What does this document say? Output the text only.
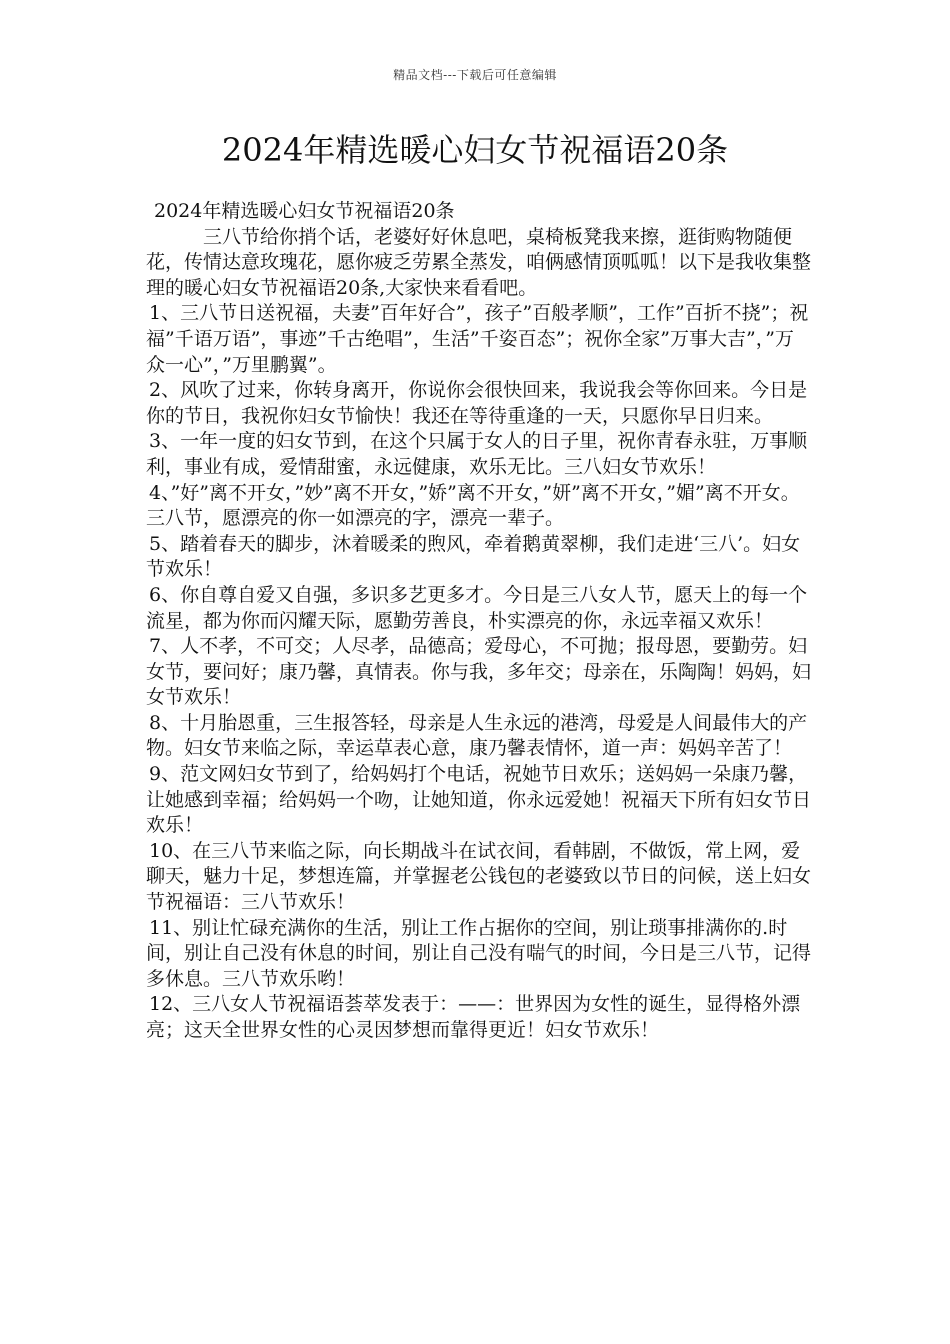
精品文档---下载后可任意编辑
2024年精选暖心妇女节祝福语20条

2024年精选暖心妇女节祝福语20条

三八节给你捎个话，老婆好好休息吧，桌椅板凳我来擦，逛街购物随便花，传情达意玫瑰花，愿你疲乏劳累全蒸发，咱俩感情顶呱呱！以下是我收集整理的暖心妇女节祝福语20条,大家快来看看吧。

1、三八节日送祝福，夫妻”百年好合”，孩子”百般孝顺”，工作”百折不挠”；祝福”千语万语”，事迹”千古绝唱”，生活”千姿百态”；祝你全家”万事大吉”，”万众一心”，”万里鹏翼”。

2、风吹了过来，你转身离开，你说你会很快回来，我说我会等你回来。今日是你的节日，我祝你妇女节愉快！我还在等待重逢的一天，只愿你早日归来。

3、一年一度的妇女节到，在这个只属于女人的日子里，祝你青春永驻，万事顺利，事业有成，爱情甜蜜，永远健康，欢乐无比。三八妇女节欢乐！

4、”好”离不开女，”妙”离不开女，”娇”离不开女，”妍”离不开女，”媚”离不开女。三八节，愿漂亮的你一如漂亮的字，漂亮一辈子。

5、踏着春天的脚步，沐着暖柔的煦风，牵着鹅黄翠柳，我们走进‘三八’。妇女节欢乐！

6、你自尊自爱又自强，多识多艺更多才。今日是三八女人节，愿天上的每一个流星，都为你而闪耀天际，愿勤劳善良，朴实漂亮的你，永远幸福又欢乐！

7、人不孝，不可交；人尽孝，品德高；爱母心，不可抛；报母恩，要勤劳。妇女节，要问好；康乃馨，真情表。你与我，多年交；母亲在，乐陶陶！妈妈，妇女节欢乐！

8、十月胎恩重，三生报答轻，母亲是人生永远的港湾，母爱是人间最伟大的产物。妇女节来临之际，幸运草表心意，康乃馨表情怀，道一声：妈妈辛苦了！

9、范文网妇女节到了，给妈妈打个电话，祝她节日欢乐；送妈妈一朵康乃馨，让她感到幸福；给妈妈一个吻，让她知道，你永远爱她！祝福天下所有妇女节日欢乐！

10、在三八节来临之际，向长期战斗在试衣间，看韩剧，不做饭，常上网，爱聊天，魅力十足，梦想连篇，并掌握老公钱包的老婆致以节日的问候，送上妇女节祝福语：三八节欢乐！

11、别让忙碌充满你的生活，别让工作占据你的空间，别让琐事排满你的.时间，别让自己没有休息的时间，别让自己没有喘气的时间，今日是三八节，记得多休息。三八节欢乐哟！

12、三八女人节祝福语荟萃发表于：——：世界因为女性的诞生，显得格外漂亮；这天全世界女性的心灵因梦想而靠得更近！妇女节欢乐！
